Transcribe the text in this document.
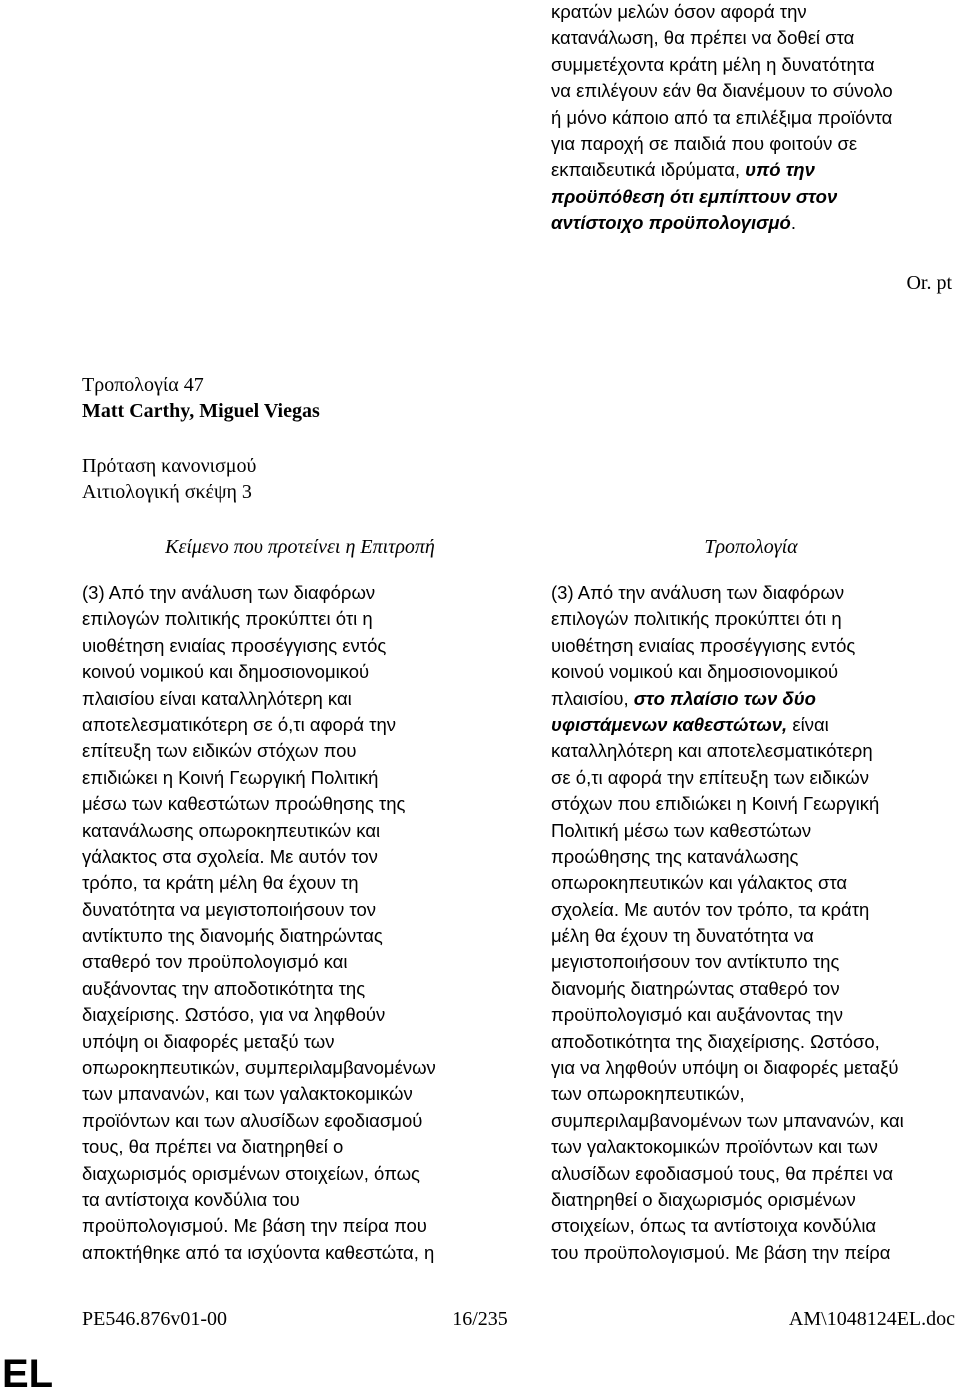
κρατών μελών όσον αφορά την
κατανάλωση, θα πρέπει να δοθεί στα
συμμετέχοντα κράτη μέλη η δυνατότητα
να επιλέγουν εάν θα διανέμουν το σύνολο
ή μόνο κάποιο από τα επιλέξιμα προϊόντα
για παροχή σε παιδιά που φοιτούν σε
εκπαιδευτικά ιδρύματα, υπό την
προϋπόθεση ότι εμπίπτουν στον
αντίστοιχο προϋπολογισμό.
Or. pt
Τροπολογία 47
Matt Carthy, Miguel Viegas
Πρόταση κανονισμού
Αιτιολογική σκέψη 3
Κείμενο που προτείνει η Επιτροπή	Τροπολογία
(3) Από την ανάλυση των διαφόρων
επιλογών πολιτικής προκύπτει ότι η
υιοθέτηση ενιαίας προσέγγισης εντός
κοινού νομικού και δημοσιονομικού
πλαισίου είναι καταλληλότερη και
αποτελεσματικότερη σε ό,τι αφορά την
επίτευξη των ειδικών στόχων που
επιδιώκει η Κοινή Γεωργική Πολιτική
μέσω των καθεστώτων προώθησης της
κατανάλωσης οπωροκηπευτικών και
γάλακτος στα σχολεία. Με αυτόν τον
τρόπο, τα κράτη μέλη θα έχουν τη
δυνατότητα να μεγιστοποιήσουν τον
αντίκτυπο της διανομής διατηρώντας
σταθερό τον προϋπολογισμό και
αυξάνοντας την αποδοτικότητα της
διαχείρισης. Ωστόσο, για να ληφθούν
υπόψη οι διαφορές μεταξύ των
οπωροκηπευτικών, συμπεριλαμβανομένων
των μπανανών, και των γαλακτοκομικών
προϊόντων και των αλυσίδων εφοδιασμού
τους, θα πρέπει να διατηρηθεί ο
διαχωρισμός ορισμένων στοιχείων, όπως
τα αντίστοιχα κονδύλια του
προϋπολογισμού. Με βάση την πείρα που
αποκτήθηκε από τα ισχύοντα καθεστώτα, η
(3) Από την ανάλυση των διαφόρων
επιλογών πολιτικής προκύπτει ότι η
υιοθέτηση ενιαίας προσέγγισης εντός
κοινού νομικού και δημοσιονομικού
πλαισίου, στο πλαίσιο των δύο
υφιστάμενων καθεστώτων, είναι
καταλληλότερη και αποτελεσματικότερη
σε ό,τι αφορά την επίτευξη των ειδικών
στόχων που επιδιώκει η Κοινή Γεωργική
Πολιτική μέσω των καθεστώτων
προώθησης της κατανάλωσης
οπωροκηπευτικών και γάλακτος στα
σχολεία. Με αυτόν τον τρόπο, τα κράτη
μέλη θα έχουν τη δυνατότητα να
μεγιστοποιήσουν τον αντίκτυπο της
διανομής διατηρώντας σταθερό τον
προϋπολογισμό και αυξάνοντας την
αποδοτικότητα της διαχείρισης. Ωστόσο,
για να ληφθούν υπόψη οι διαφορές μεταξύ
των οπωροκηπευτικών,
συμπεριλαμβανομένων των μπανανών, και
των γαλακτοκομικών προϊόντων και των
αλυσίδων εφοδιασμού τους, θα πρέπει να
διατηρηθεί ο διαχωρισμός ορισμένων
στοιχείων, όπως τα αντίστοιχα κονδύλια
του προϋπολογισμού. Με βάση την πείρα
PE546.876v01-00	16/235	AM\1048124EL.doc
EL
